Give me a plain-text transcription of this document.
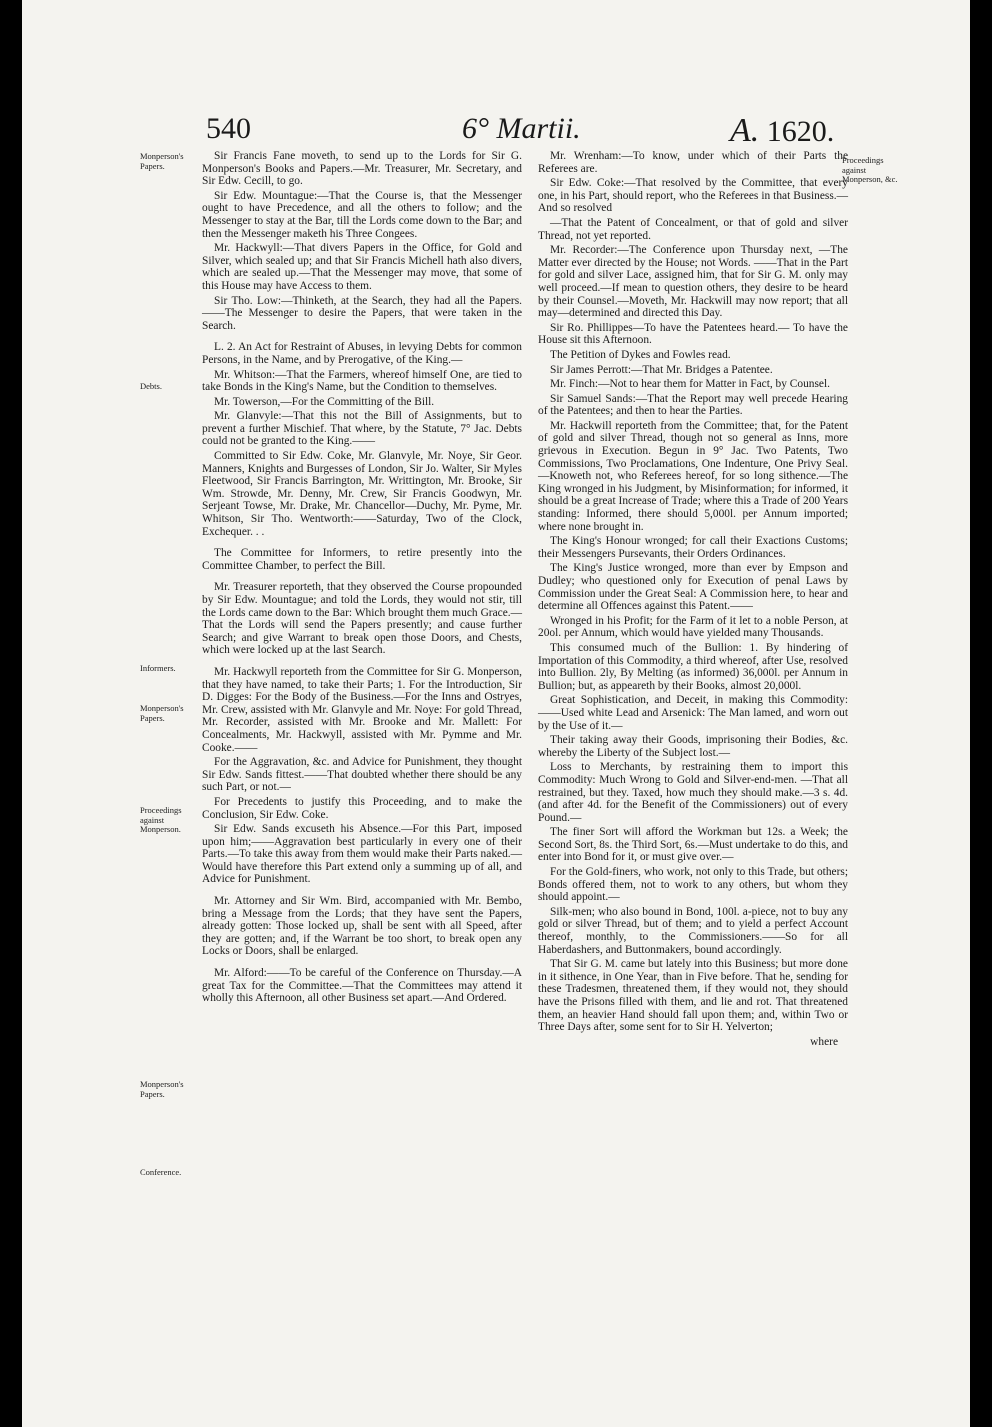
540	6° Martii.	A. 1620.
Monperson's Papers.
Debts.
Informers.
Monperson's Papers.
Proceedings against Monperson.
Monperson's Papers.
Conference.
Proceedings against Monperson, &c.

Sir Francis Fane moveth, to send up to the Lords for Sir G. Monperson's Books and Papers.—Mr. Treasurer, Mr. Secretary, and Sir Edw. Cecill, to go.

Sir Edw. Mountague:—That the Course is, that the Messenger ought to have Precedence, and all the others to follow; and the Messenger to stay at the Bar, till the Lords come down to the Bar; and then the Messenger maketh his Three Congees.

Mr. Hackwyll:—That divers Papers in the Office, for Gold and Silver, which sealed up; and that Sir Francis Michell hath also divers, which are sealed up.—That the Messenger may move, that some of this House may have Access to them.

Sir Tho. Low:—Thinketh, at the Search, they had all the Papers.——The Messenger to desire the Papers, that were taken in the Search.

L. 2. An Act for Restraint of Abuses, in levying Debts for common Persons, in the Name, and by Prerogative, of the King.—

Mr. Whitson:—That the Farmers, whereof himself One, are tied to take Bonds in the King's Name, but the Condition to themselves.

Mr. Towerson,—For the Committing of the Bill.

Mr. Glanvyle:—That this not the Bill of Assignments, but to prevent a further Mischief. That where, by the Statute, 7° Jac. Debts could not be granted to the King.——

Committed to Sir Edw. Coke, Mr. Glanvyle, Mr. Noye, Sir Geor. Manners, Knights and Burgesses of London, Sir Jo. Walter, Sir Myles Fleetwood, Sir Francis Barrington, Mr. Writtington, Mr. Brooke, Sir Wm. Strowde, Mr. Denny, Mr. Crew, Sir Francis Goodwyn, Mr. Serjeant Towse, Mr. Drake, Mr. Chancellor—Duchy, Mr. Pyme, Mr. Whitson, Sir Tho. Wentworth:——Saturday, Two of the Clock, Exchequer. . .

The Committee for Informers, to retire presently into the Committee Chamber, to perfect the Bill.

Mr. Treasurer reporteth, that they observed the Course propounded by Sir Edw. Mountague; and told the Lords, they would not stir, till the Lords came down to the Bar: Which brought them much Grace.—That the Lords will send the Papers presently; and cause further Search; and give Warrant to break open those Doors, and Chests, which were locked up at the last Search.

Mr. Hackwyll reporteth from the Committee for Sir G. Monperson, that they have named, to take their Parts; 1. For the Introduction, Sir D. Digges: For the Body of the Business.—For the Inns and Ostryes, Mr. Crew, assisted with Mr. Glanvyle and Mr. Noye: For gold Thread, Mr. Recorder, assisted with Mr. Brooke and Mr. Mallett: For Concealments, Mr. Hackwyll, assisted with Mr. Pymme and Mr. Cooke.——

For the Aggravation, &c. and Advice for Punishment, they thought Sir Edw. Sands fittest.——That doubted whether there should be any such Part, or not.—

For Precedents to justify this Proceeding, and to make the Conclusion, Sir Edw. Coke.

Sir Edw. Sands excuseth his Absence.—For this Part, imposed upon him;——Aggravation best particularly in every one of their Parts.—To take this away from them would make their Parts naked.—Would have therefore this Part extend only a summing up of all, and Advice for Punishment.

Mr. Attorney and Sir Wm. Bird, accompanied with Mr. Bembo, bring a Message from the Lords; that they have sent the Papers, already gotten: Those locked up, shall be sent with all Speed, after they are gotten; and, if the Warrant be too short, to break open any Locks or Doors, shall be enlarged.

Mr. Alford:——To be careful of the Conference on Thursday.—A great Tax for the Committee.—That the Committees may attend it wholly this Afternoon, all other Business set apart.—And Ordered.

Mr. Wrenham:—To know, under which of their Parts the Referees are.

Sir Edw. Coke:—That resolved by the Committee, that every one, in his Part, should report, who the Referees in that Business.—And so resolved

—That the Patent of Concealment, or that of gold and silver Thread, not yet reported.

Mr. Recorder:—The Conference upon Thursday next, —The Matter ever directed by the House; not Words. ——That in the Part for gold and silver Lace, assigned him, that for Sir G. M. only may well proceed.—If mean to question others, they desire to be heard by their Counsel.—Moveth, Mr. Hackwill may now report; that all may—determined and directed this Day.

Sir Ro. Phillippes—To have the Patentees heard.— To have the House sit this Afternoon.

The Petition of Dykes and Fowles read.

Sir James Perrott:—That Mr. Bridges a Patentee.

Mr. Finch:—Not to hear them for Matter in Fact, by Counsel.

Sir Samuel Sands:—That the Report may well precede Hearing of the Patentees; and then to hear the Parties.

Mr. Hackwill reporteth from the Committee; that, for the Patent of gold and silver Thread, though not so general as Inns, more grievous in Execution. Begun in 9° Jac. Two Patents, Two Commissions, Two Proclamations, One Indenture, One Privy Seal.—Knoweth not, who Referees hereof, for so long sithence.—The King wronged in his Judgment, by Misinformation; for informed, it should be a great Increase of Trade; where this a Trade of 200 Years standing: Informed, there should 5,000l. per Annum imported; where none brought in.

The King's Honour wronged; for call their Exactions Customs; their Messengers Pursevants, their Orders Ordinances.

The King's Justice wronged, more than ever by Empson and Dudley; who questioned only for Execution of penal Laws by Commission under the Great Seal: A Commission here, to hear and determine all Offences against this Patent.——

Wronged in his Profit; for the Farm of it let to a noble Person, at 20ol. per Annum, which would have yielded many Thousands.

This consumed much of the Bullion: 1. By hindering of Importation of this Commodity, a third whereof, after Use, resolved into Bullion. 2ly, By Melting (as informed) 36,000l. per Annum in Bullion; but, as appeareth by their Books, almost 20,000l.

Great Sophistication, and Deceit, in making this Commodity:——Used white Lead and Arsenick: The Man lamed, and worn out by the Use of it.—

Their taking away their Goods, imprisoning their Bodies, &c. whereby the Liberty of the Subject lost.—

Loss to Merchants, by restraining them to import this Commodity: Much Wrong to Gold and Silver-end-men. —That all restrained, but they. Taxed, how much they should make.—3 s. 4d. (and after 4d. for the Benefit of the Commissioners) out of every Pound.—

The finer Sort will afford the Workman but 12s. a Week; the Second Sort, 8s. the Third Sort, 6s.—Must undertake to do this, and enter into Bond for it, or must give over.—

For the Gold-finers, who work, not only to this Trade, but others; Bonds offered them, not to work to any others, but whom they should appoint.—

Silk-men; who also bound in Bond, 100l. a-piece, not to buy any gold or silver Thread, but of them; and to yield a perfect Account thereof, monthly, to the Commissioners.——So for all Haberdashers, and Buttonmakers, bound accordingly.

That Sir G. M. came but lately into this Business; but more done in it sithence, in One Year, than in Five before. That he, sending for these Tradesmen, threatened them, if they would not, they should have the Prisons filled with them, and lie and rot. That threatened them, an heavier Hand should fall upon them; and, within Two or Three Days after, some sent for to Sir H. Yelverton;

where
